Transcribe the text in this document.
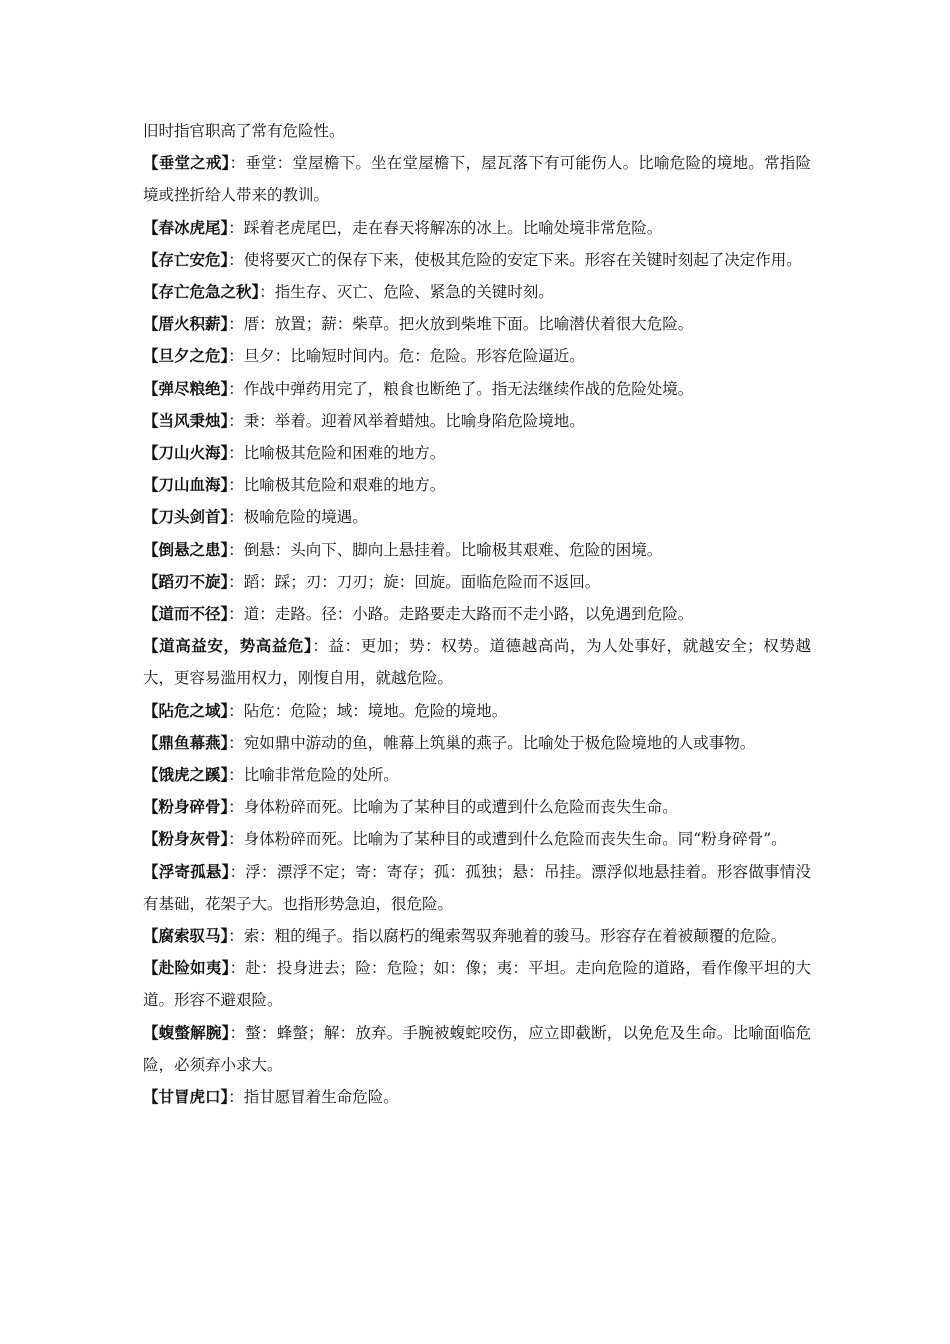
旧时指官职高了常有危险性。

【垂堂之戒】：垂堂：堂屋檐下。坐在堂屋檐下，屋瓦落下有可能伤人。比喻危险的境地。常指险境或挫折给人带来的教训。

【春冰虎尾】：踩着老虎尾巴，走在春天将解冻的冰上。比喻处境非常危险。

【存亡安危】：使将要灭亡的保存下来，使极其危险的安定下来。形容在关键时刻起了决定作用。

【存亡危急之秋】：指生存、灭亡、危险、紧急的关键时刻。

【厝火积薪】：厝：放置；薪：柴草。把火放到柴堆下面。比喻潜伏着很大危险。

【旦夕之危】：旦夕：比喻短时间内。危：危险。形容危险逼近。

【弹尽粮绝】：作战中弹药用完了，粮食也断绝了。指无法继续作战的危险处境。

【当风秉烛】：秉：举着。迎着风举着蜡烛。比喻身陷危险境地。

【刀山火海】：比喻极其危险和困难的地方。

【刀山血海】：比喻极其危险和艰难的地方。

【刀头剑首】：极喻危险的境遇。

【倒悬之患】：倒悬：头向下、脚向上悬挂着。比喻极其艰难、危险的困境。

【蹈刃不旋】：蹈：踩；刃：刀刃；旋：回旋。面临危险而不返回。

【道而不径】：道：走路。径：小路。走路要走大路而不走小路，以免遇到危险。

【道高益安，势高益危】：益：更加；势：权势。道德越高尚，为人处事好，就越安全；权势越大，更容易滥用权力，刚愎自用，就越危险。

【阽危之域】：阽危：危险；域：境地。危险的境地。

【鼎鱼幕燕】：宛如鼎中游动的鱼，帷幕上筑巢的燕子。比喻处于极危险境地的人或事物。

【饿虎之蹊】：比喻非常危险的处所。

【粉身碎骨】：身体粉碎而死。比喻为了某种目的或遭到什么危险而丧失生命。

【粉身灰骨】：身体粉碎而死。比喻为了某种目的或遭到什么危险而丧失生命。同“粉身碎骨”。

【浮寄孤悬】：浮：漂浮不定；寄：寄存；孤：孤独；悬：吊挂。漂浮似地悬挂着。形容做事情没有基础，花架子大。也指形势急迫，很危险。

【腐索驭马】：索：粗的绳子。指以腐朽的绳索驾驭奔驰着的骏马。形容存在着被颠覆的危险。

【赴险如夷】：赴：投身进去；险：危险；如：像；夷：平坦。走向危险的道路，看作像平坦的大道。形容不避艰险。

【蝮螫解腕】：螫：蜂螫；解：放弃。手腕被蝮蛇咬伤，应立即截断，以免危及生命。比喻面临危险，必须弃小求大。

【甘冒虎口】：指甘愿冒着生命危险。
